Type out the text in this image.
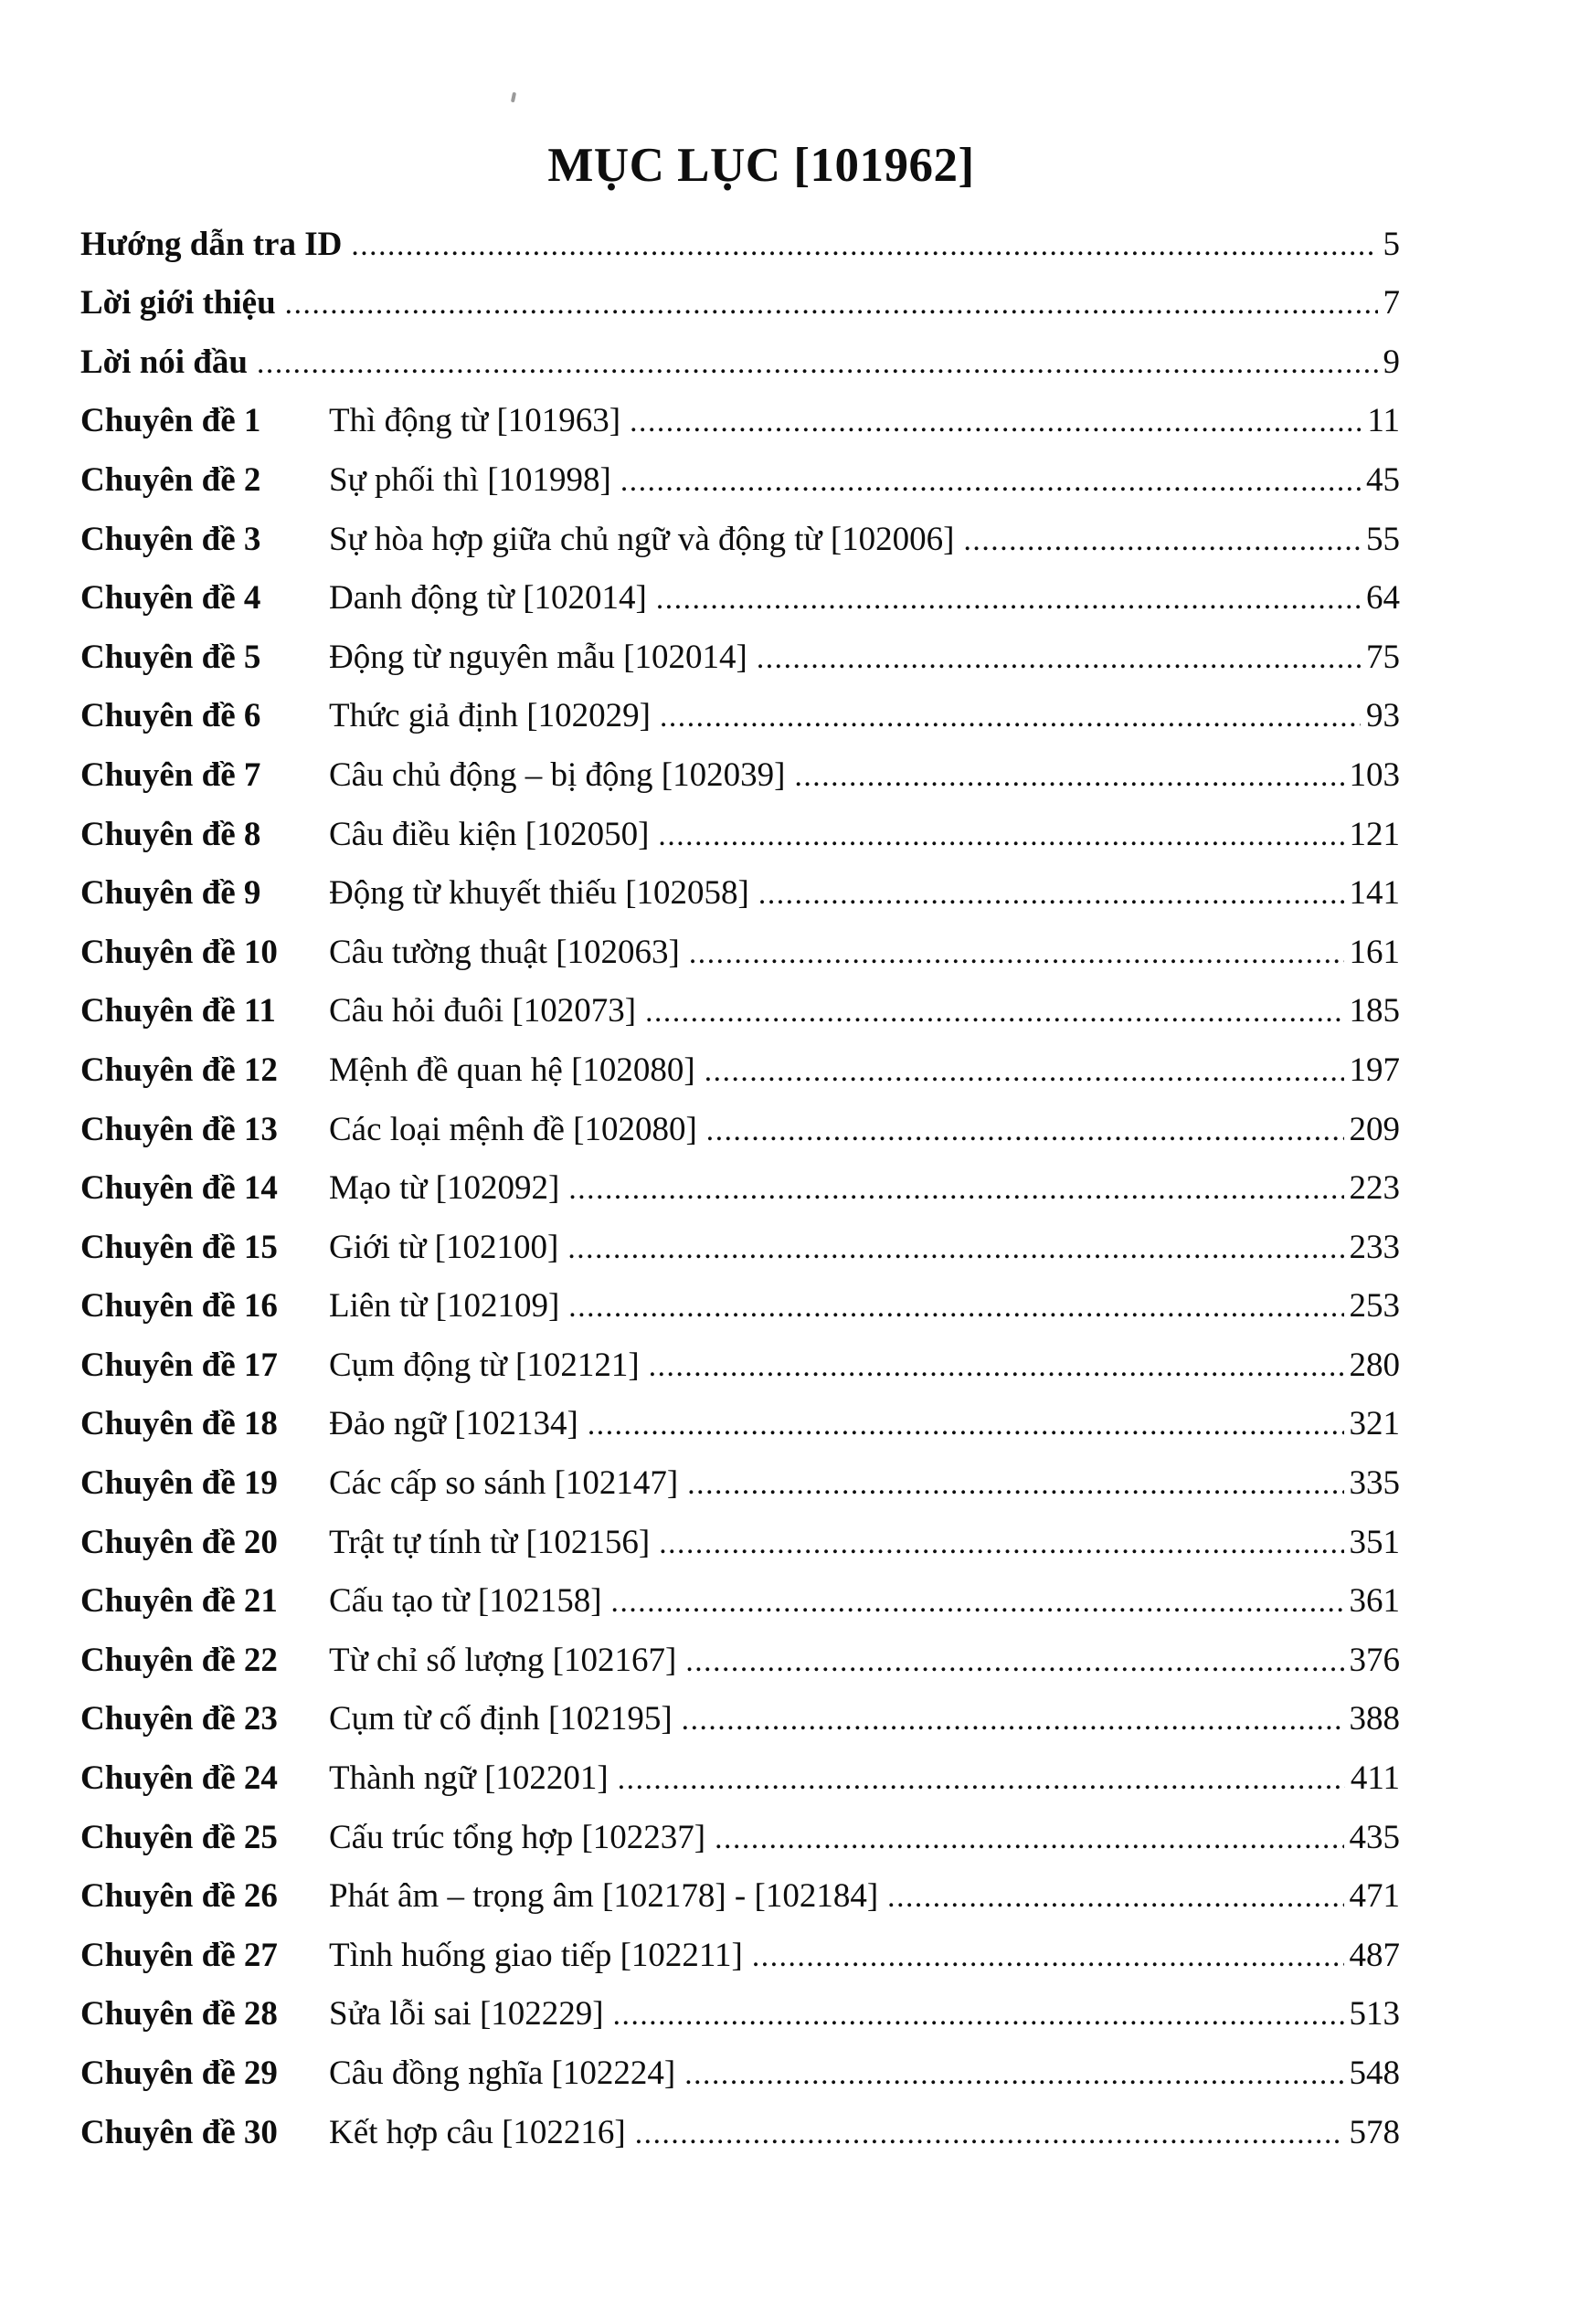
MỤC LỤC [101962]
Hướng dẫn tra ID .....	5
Lời giới thiệu .....	7
Lời nói đầu .....	9
Chuyên đề 1	Thì động từ [101963] .....	11
Chuyên đề 2	Sự phối thì [101998] .....	45
Chuyên đề 3	Sự hòa hợp giữa chủ ngữ và động từ [102006] .....	55
Chuyên đề 4	Danh động từ [102014] .....	64
Chuyên đề 5	Động từ nguyên mẫu [102014] .....	75
Chuyên đề 6	Thức giả định [102029] .....	93
Chuyên đề 7	Câu chủ động – bị động [102039] .....	103
Chuyên đề 8	Câu điều kiện [102050] .....	121
Chuyên đề 9	Động từ khuyết thiếu [102058] .....	141
Chuyên đề 10	Câu tường thuật [102063] .....	161
Chuyên đề 11	Câu hỏi đuôi [102073] .....	185
Chuyên đề 12	Mệnh đề quan hệ [102080] .....	197
Chuyên đề 13	Các loại mệnh đề [102080] .....	209
Chuyên đề 14	Mạo từ [102092] .....	223
Chuyên đề 15	Giới từ [102100] .....	233
Chuyên đề 16	Liên từ [102109] .....	253
Chuyên đề 17	Cụm động từ [102121] .....	280
Chuyên đề 18	Đảo ngữ [102134] .....	321
Chuyên đề 19	Các cấp so sánh [102147] .....	335
Chuyên đề 20	Trật tự tính từ [102156] .....	351
Chuyên đề 21	Cấu tạo từ [102158] .....	361
Chuyên đề 22	Từ chỉ số lượng [102167] .....	376
Chuyên đề 23	Cụm từ cố định [102195] .....	388
Chuyên đề 24	Thành ngữ [102201] .....	411
Chuyên đề 25	Cấu trúc tổng hợp [102237] .....	435
Chuyên đề 26	Phát âm – trọng âm [102178] - [102184] .....	471
Chuyên đề 27	Tình huống giao tiếp [102211] .....	487
Chuyên đề 28	Sửa lỗi sai [102229] .....	513
Chuyên đề 29	Câu đồng nghĩa [102224] .....	548
Chuyên đề 30	Kết hợp câu [102216] .....	578
